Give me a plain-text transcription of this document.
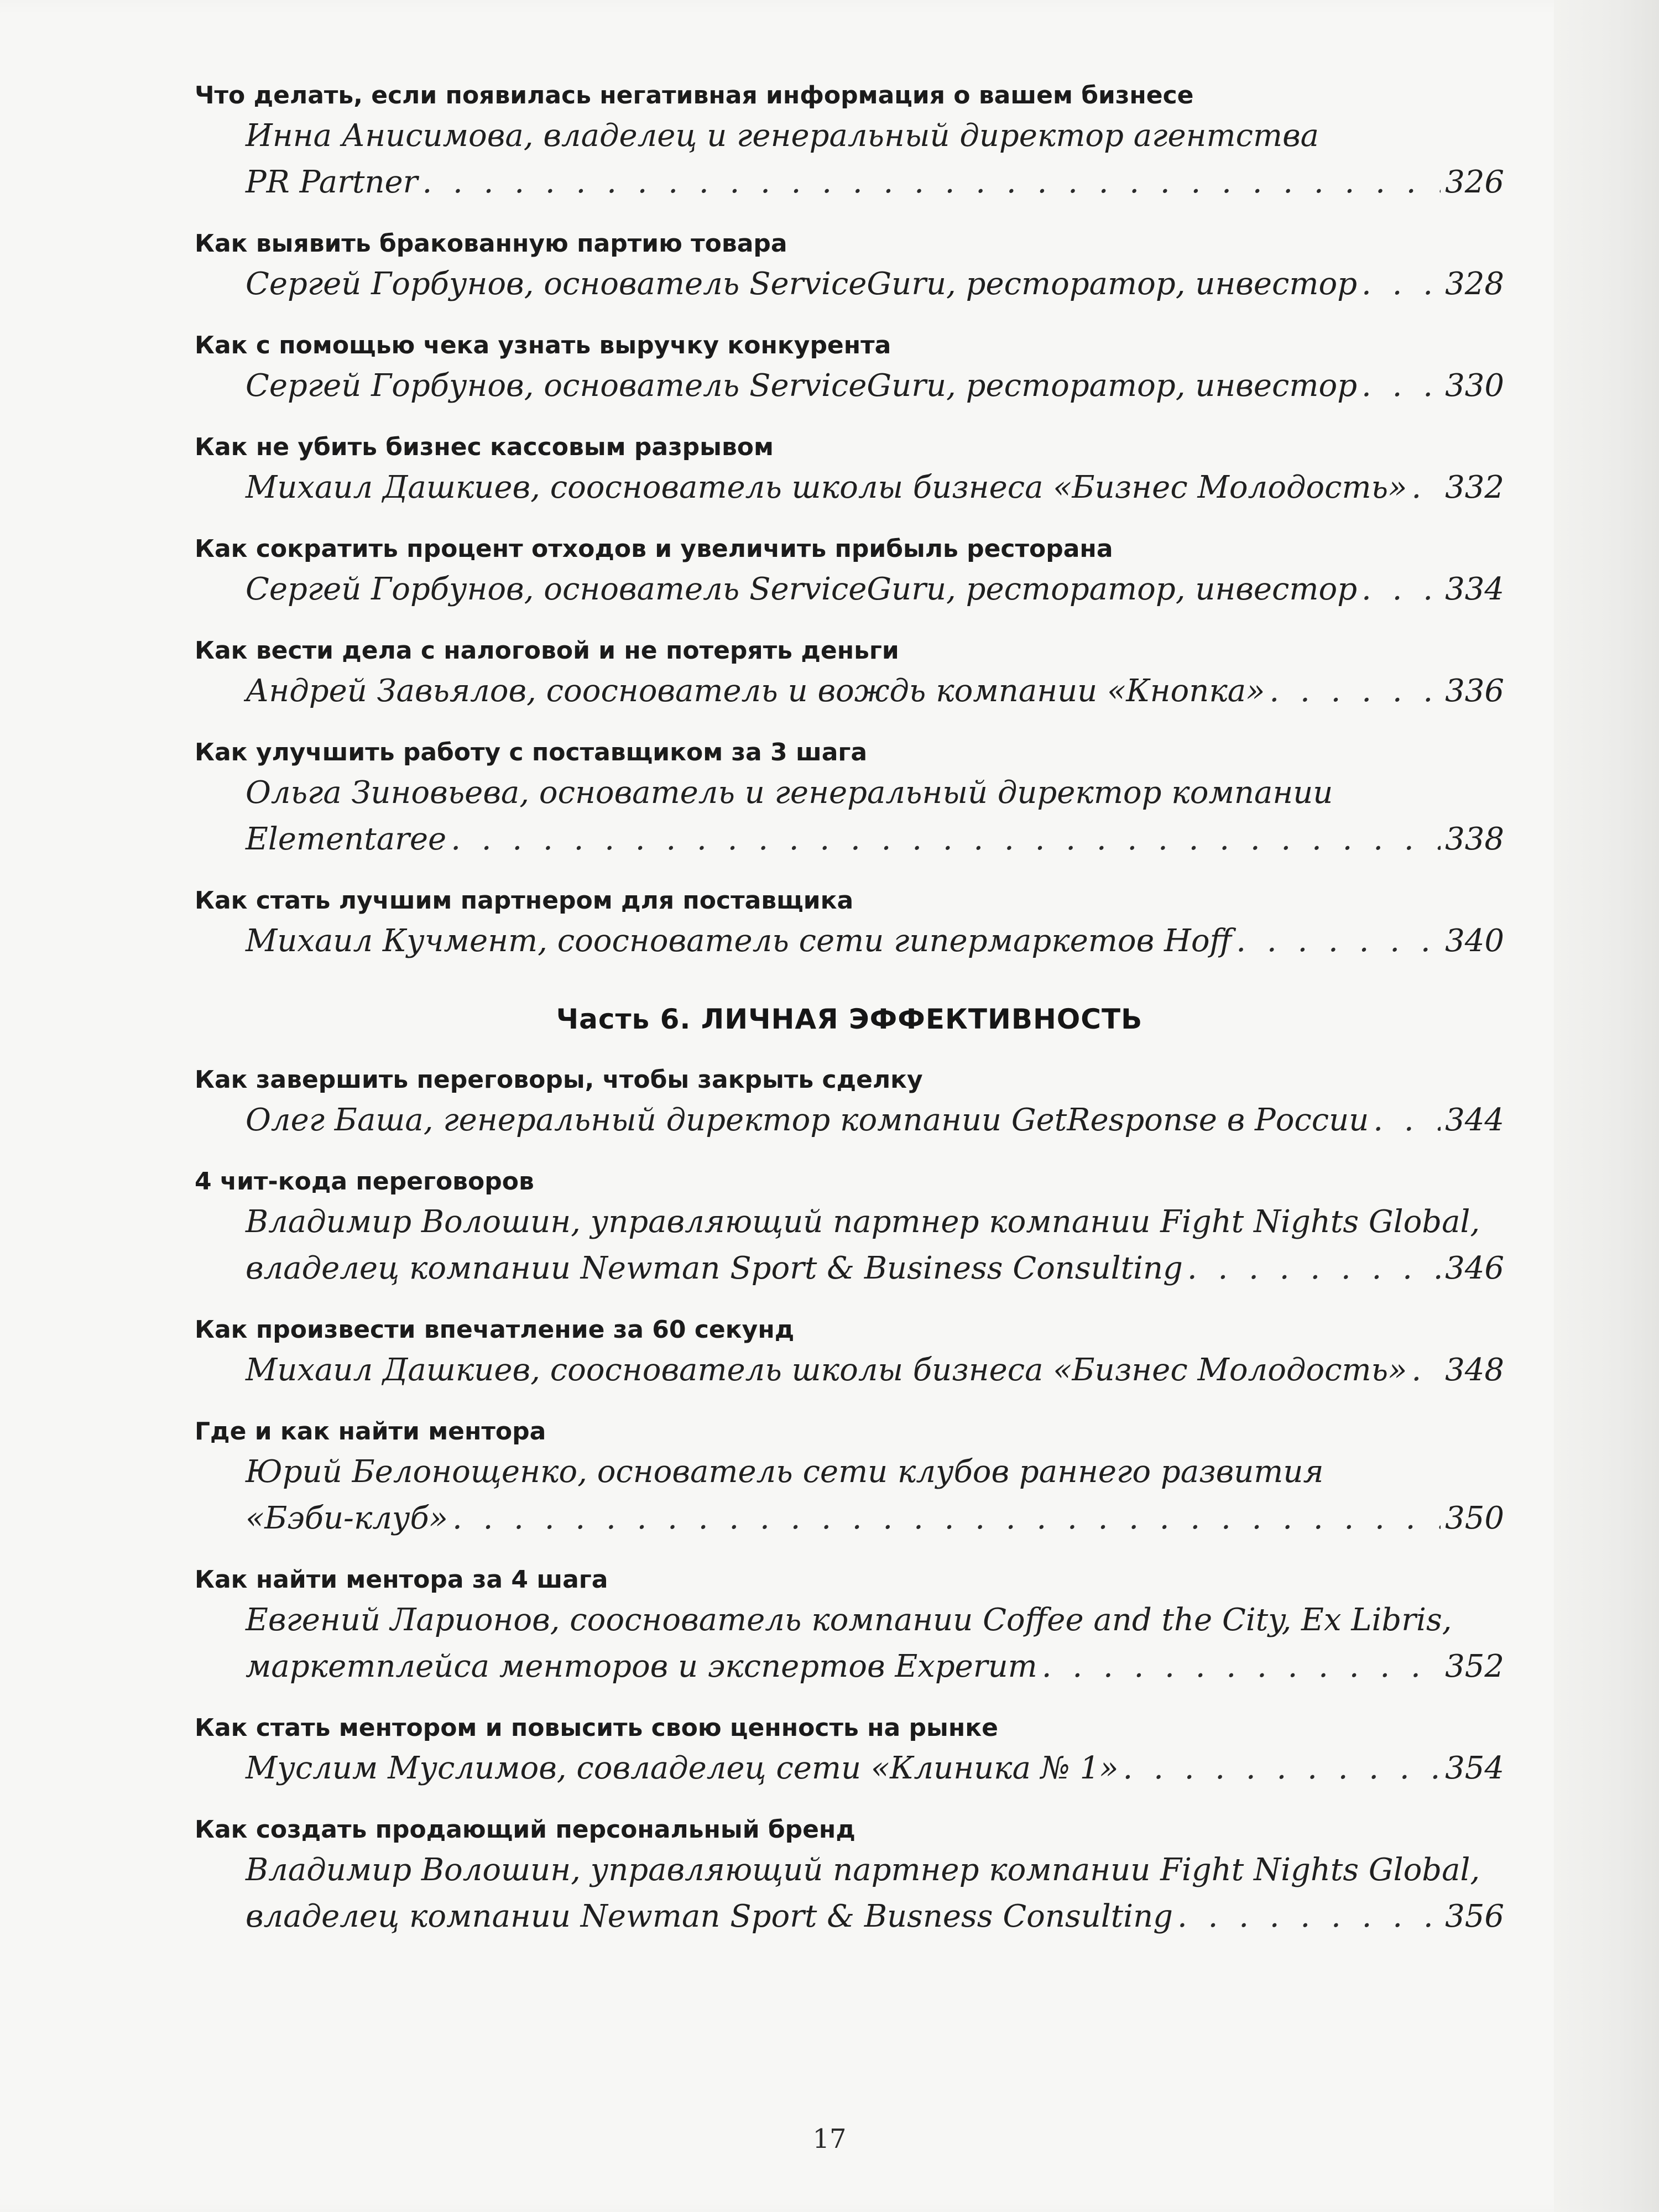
Что делать, если появилась негативная информация о вашем бизнесе
Инна Анисимова, владелец и генеральный директор агентства
PR Partner . . .	326
Как выявить бракованную партию товара
Сергей Горбунов, основатель ServiceGuru, ресторатор, инвестор . . .	328
Как с помощью чека узнать выручку конкурента
Сергей Горбунов, основатель ServiceGuru, ресторатор, инвестор . . .	330
Как не убить бизнес кассовым разрывом
Михаил Дашкиев, сооснователь школы бизнеса «Бизнес Молодость» . . . 332
Как сократить процент отходов и увеличить прибыль ресторана
Сергей Горбунов, основатель ServiceGuru, ресторатор, инвестор . . .	334
Как вести дела с налоговой и не потерять деньги
Андрей Завьялов, сооснователь и вождь компании «Кнопка» . . .	336
Как улучшить работу с поставщиком за 3 шага
Ольга Зиновьева, основатель и генеральный директор компании
Elementaree . . .	338
Как стать лучшим партнером для поставщика
Михаил Кучмент, сооснователь сети гипермаркетов Hoff . . .	340
Часть 6. ЛИЧНАЯ ЭФФЕКТИВНОСТЬ
Как завершить переговоры, чтобы закрыть сделку
Олег Баша, генеральный директор компании GetResponse в России . . . 344
4 чит-кода переговоров
Владимир Волошин, управляющий партнер компании Fight Nights Global,
владелец компании Newman Sport & Business Consulting . . .	346
Как произвести впечатление за 60 секунд
Михаил Дашкиев, сооснователь школы бизнеса «Бизнес Молодость» . . . 348
Где и как найти ментора
Юрий Белонощенко, основатель сети клубов раннего развития
«Бэби-клуб» . . .	350
Как найти ментора за 4 шага
Евгений Ларионов, сооснователь компании Coffee and the City, Ex Libris,
маркетплейса менторов и экспертов Experum . . .	352
Как стать ментором и повысить свою ценность на рынке
Муслим Муслимов, совладелец сети «Клиника № 1» . . .	354
Как создать продающий персональный бренд
Владимир Волошин, управляющий партнер компании Fight Nights Global,
владелец компании Newman Sport & Busness Consulting . . .	356
17
